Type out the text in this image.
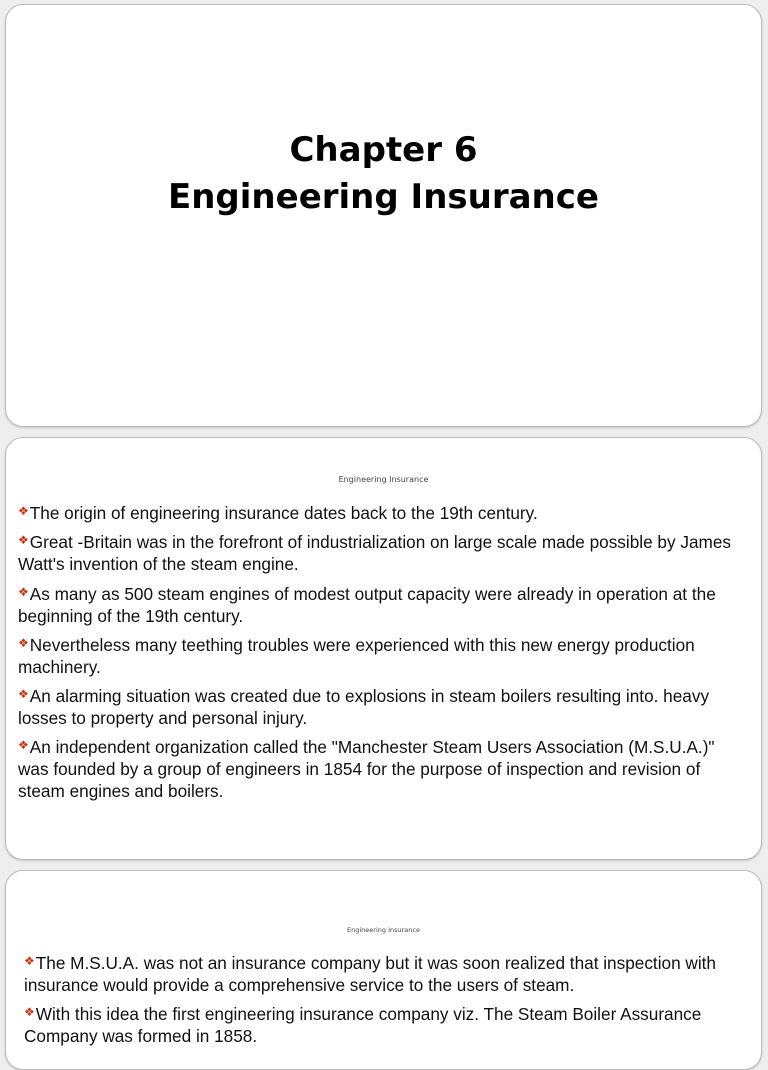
Chapter 6
Engineering Insurance
Engineering Insurance
❖The origin of engineering insurance dates back to the 19th century.
❖Great -Britain was in the forefront of industrialization on large scale made possible by James Watt's invention of the steam engine.
❖As many as 500 steam engines of modest output capacity were already in operation at the beginning of the 19th century.
❖Nevertheless many teething troubles were experienced with this new energy production machinery.
❖An alarming situation was created due to explosions in steam boilers resulting into. heavy losses to property and personal injury.
❖An independent organization called the "Manchester Steam Users Association (M.S.U.A.)" was founded by a group of engineers in 1854 for the purpose of inspection and revision of steam engines and boilers.
Engineering Insurance
❖The M.S.U.A. was not an insurance company but it was soon realized that inspection with insurance would provide a comprehensive service to the users of steam.
❖With this idea the first engineering insurance company viz. The Steam Boiler Assurance Company was formed in 1858.
